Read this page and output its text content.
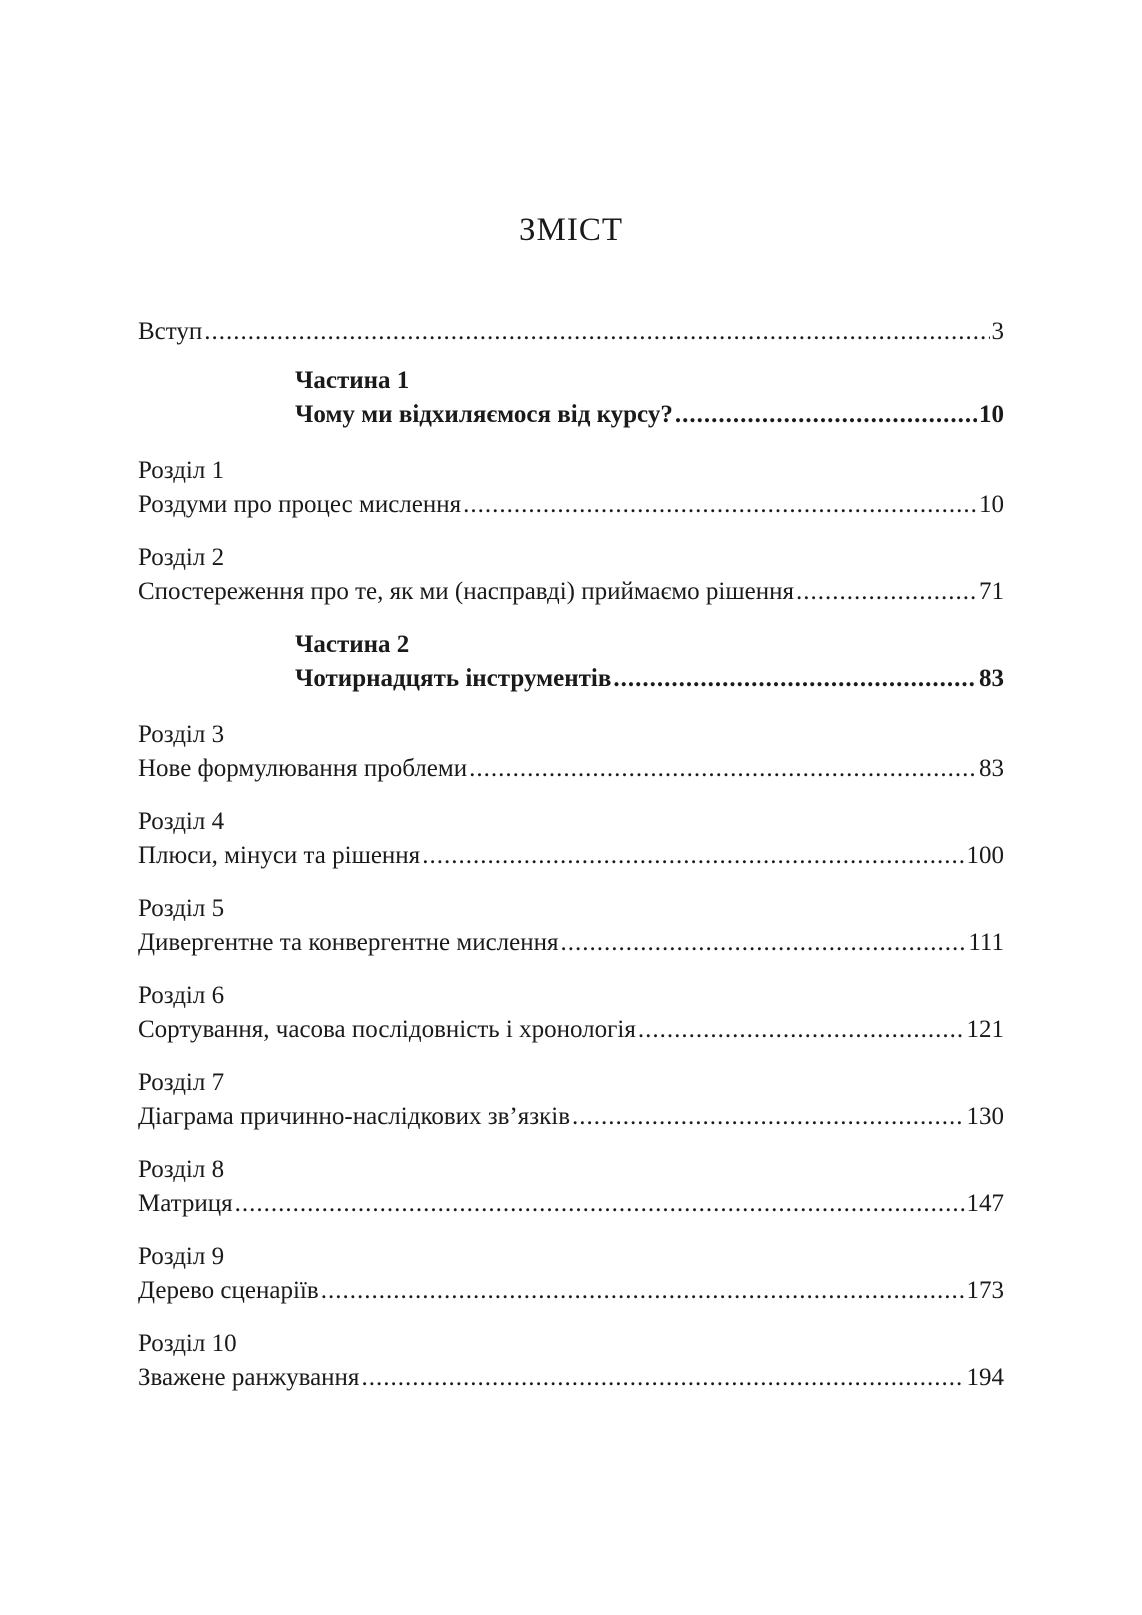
ЗМІСТ
Вступ .....	3
Частина 1
Чому ми відхиляємося від курсу? .....	10
Розділ 1
Роздуми про процес мислення .....	10
Розділ 2
Спостереження про те, як ми (насправді) приймаємо рішення .....	71
Частина 2
Чотирнадцять інструментів .....	83
Розділ 3
Нове формулювання проблеми .....	83
Розділ 4
Плюси, мінуси та рішення .....	100
Розділ 5
Дивергентне та конвергентне мислення .....	111
Розділ 6
Сортування, часова послідовність і хронологія .....	121
Розділ 7
Діаграма причинно-наслідкових зв’язків .....	130
Розділ 8
Матриця .....	147
Розділ 9
Дерево сценаріїв .....	173
Розділ 10
Зважене ранжування .....	194
